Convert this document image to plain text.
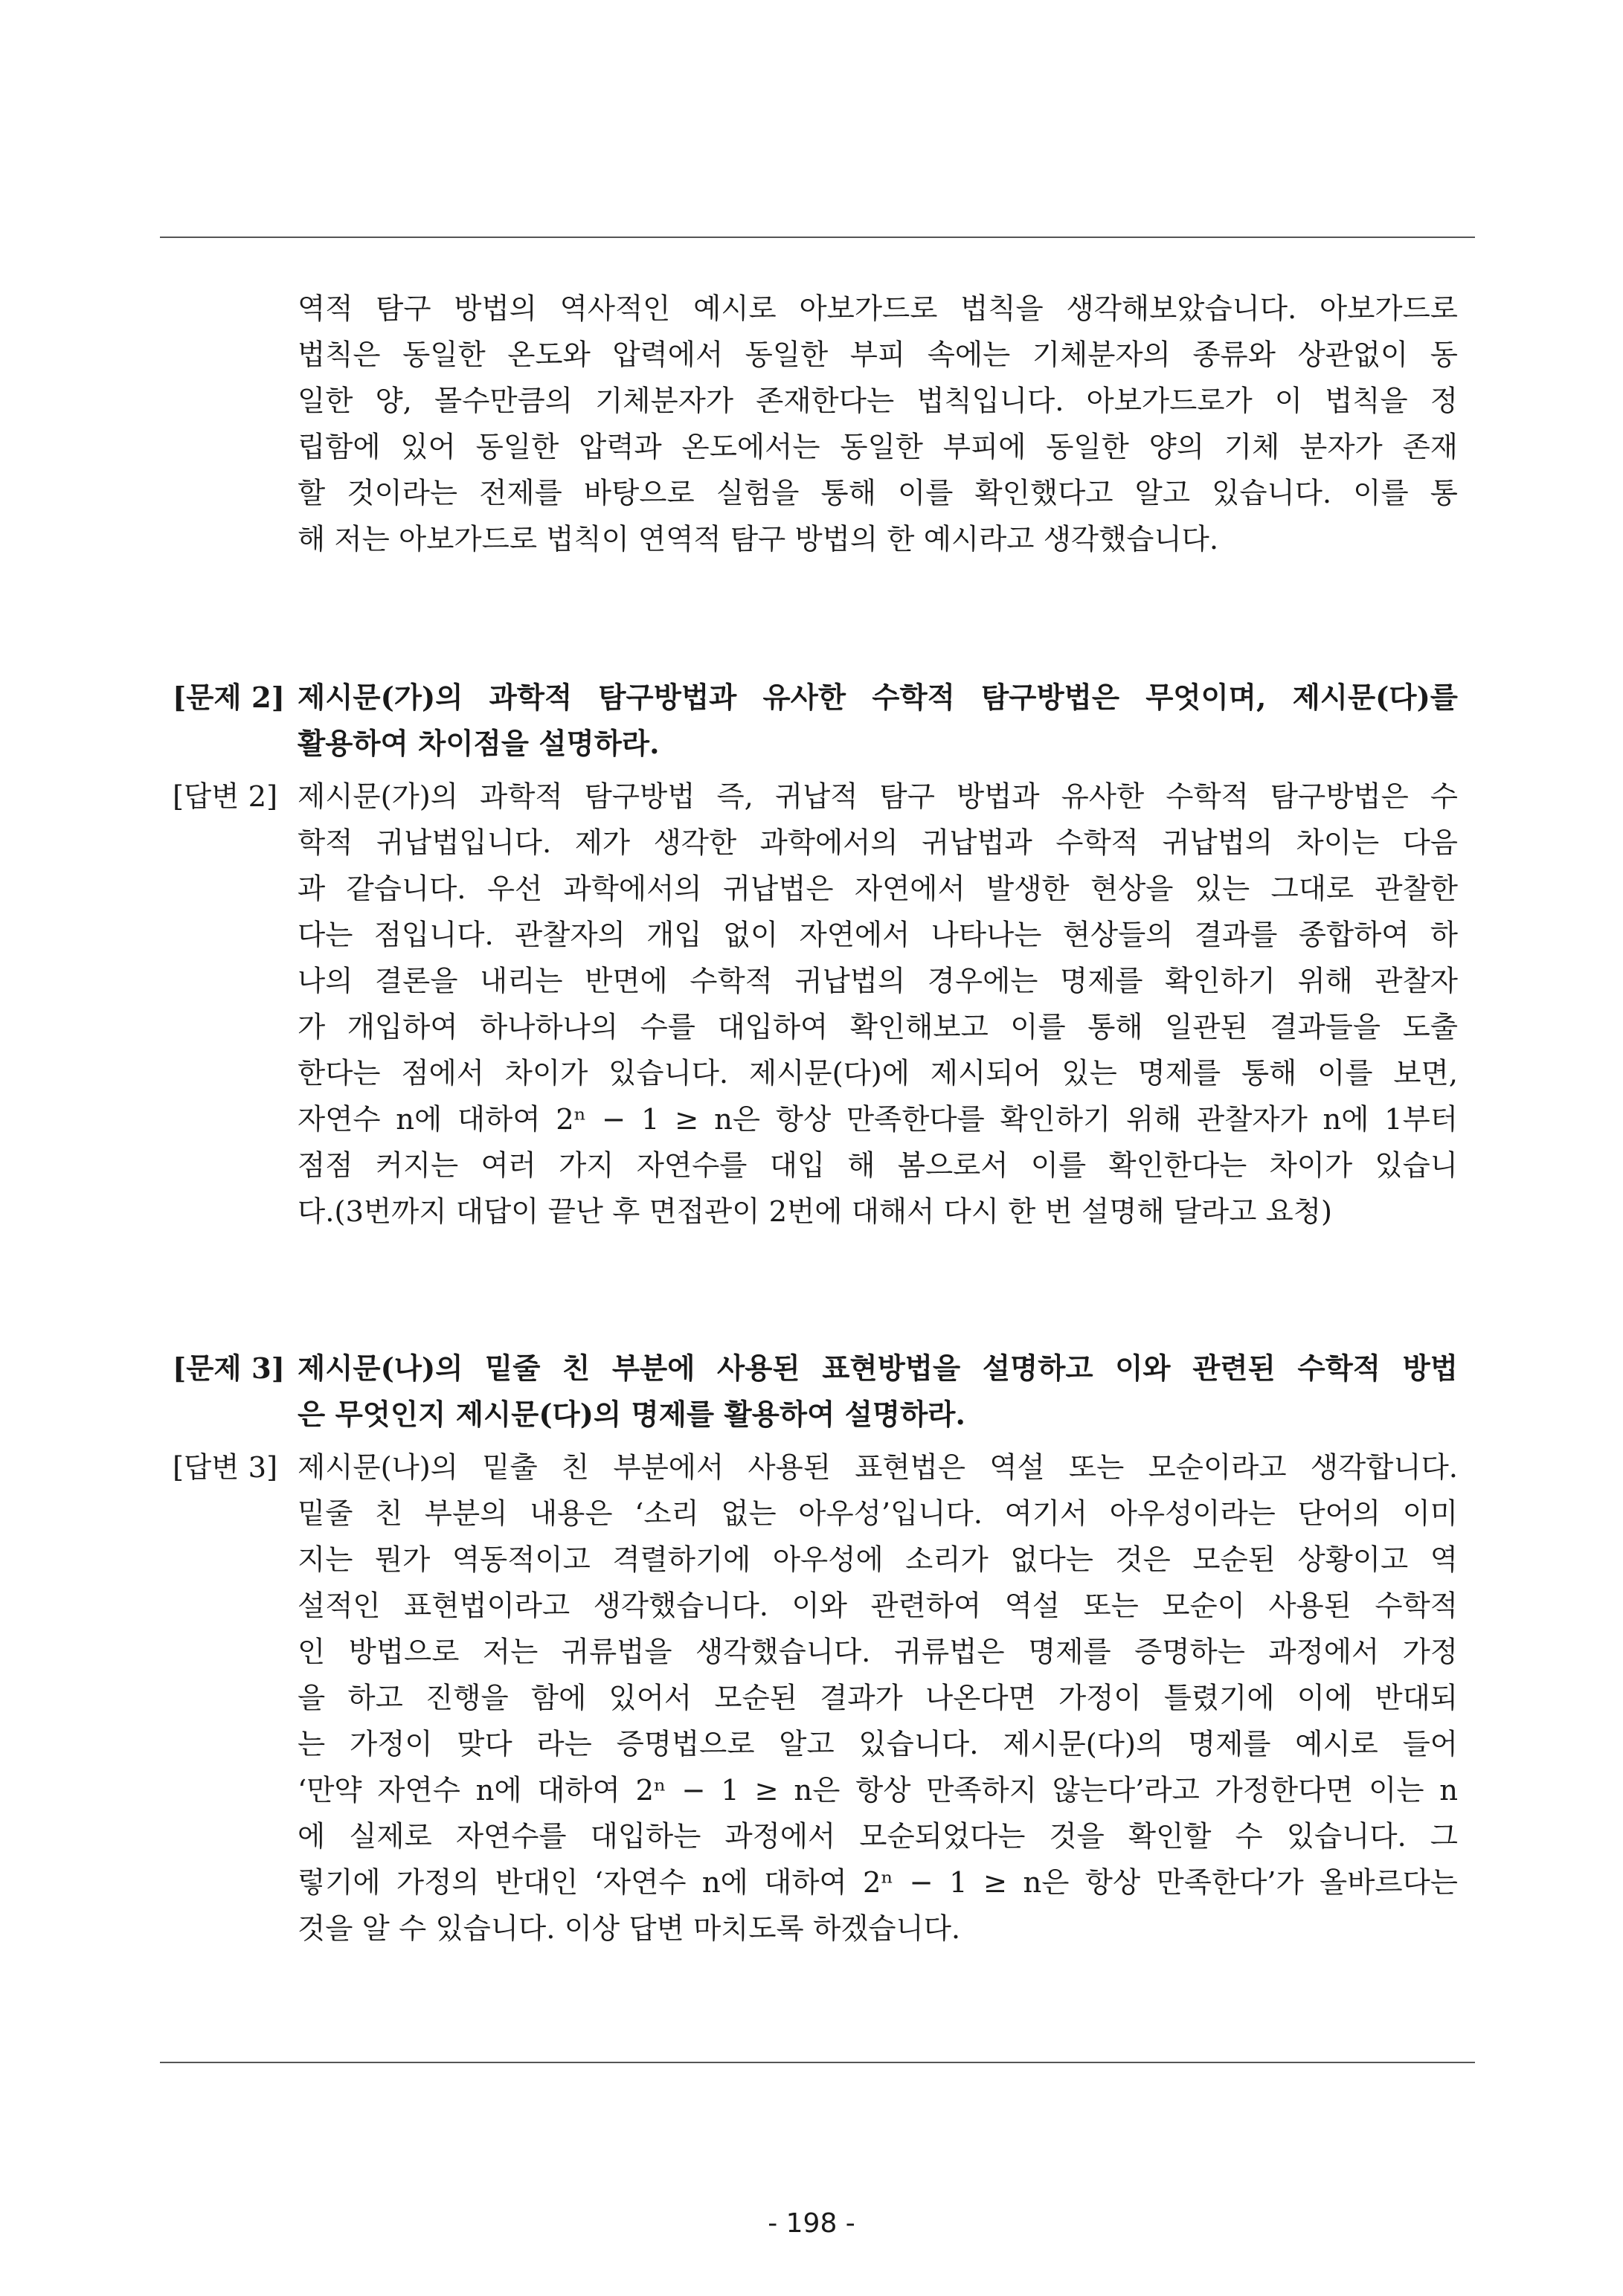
역적 탐구 방법의 역사적인 예시로 아보가드로 법칙을 생각해보았습니다. 아보가드로
법칙은 동일한 온도와 압력에서 동일한 부피 속에는 기체분자의 종류와 상관없이 동
일한 양, 몰수만큼의 기체분자가 존재한다는 법칙입니다. 아보가드로가 이 법칙을 정
립함에 있어 동일한 압력과 온도에서는 동일한 부피에 동일한 양의 기체 분자가 존재
할 것이라는 전제를 바탕으로 실험을 통해 이를 확인했다고 알고 있습니다. 이를 통
해 저는 아보가드로 법칙이 연역적 탐구 방법의 한 예시라고 생각했습니다.
[문제 2] 제시문(가)의 과학적 탐구방법과 유사한 수학적 탐구방법은 무엇이며, 제시문(다)를
활용하여 차이점을 설명하라.
[답변 2] 제시문(가)의 과학적 탐구방법 즉, 귀납적 탐구 방법과 유사한 수학적 탐구방법은 수
학적 귀납법입니다. 제가 생각한 과학에서의 귀납법과 수학적 귀납법의 차이는 다음
과 같습니다. 우선 과학에서의 귀납법은 자연에서 발생한 현상을 있는 그대로 관찰한
다는 점입니다. 관찰자의 개입 없이 자연에서 나타나는 현상들의 결과를 종합하여 하
나의 결론을 내리는 반면에 수학적 귀납법의 경우에는 명제를 확인하기 위해 관찰자
가 개입하여 하나하나의 수를 대입하여 확인해보고 이를 통해 일관된 결과들을 도출
한다는 점에서 차이가 있습니다. 제시문(다)에 제시되어 있는 명제를 통해 이를 보면,
자연수 n에 대하여 2ⁿ − 1 ≥ n은 항상 만족한다를 확인하기 위해 관찰자가 n에 1부터
점점 커지는 여러 가지 자연수를 대입 해 봄으로서 이를 확인한다는 차이가 있습니
다.(3번까지 대답이 끝난 후 면접관이 2번에 대해서 다시 한 번 설명해 달라고 요청)
[문제 3] 제시문(나)의 밑줄 친 부분에 사용된 표현방법을 설명하고 이와 관련된 수학적 방법
은 무엇인지 제시문(다)의 명제를 활용하여 설명하라.
[답변 3] 제시문(나)의 밑출 친 부분에서 사용된 표현법은 역설 또는 모순이라고 생각합니다.
밑줄 친 부분의 내용은 ‘소리 없는 아우성’입니다. 여기서 아우성이라는 단어의 이미
지는 뭔가 역동적이고 격렬하기에 아우성에 소리가 없다는 것은 모순된 상황이고 역
설적인 표현법이라고 생각했습니다. 이와 관련하여 역설 또는 모순이 사용된 수학적
인 방법으로 저는 귀류법을 생각했습니다. 귀류법은 명제를 증명하는 과정에서 가정
을 하고 진행을 함에 있어서 모순된 결과가 나온다면 가정이 틀렸기에 이에 반대되
는 가정이 맞다 라는 증명법으로 알고 있습니다. 제시문(다)의 명제를 예시로 들어
‘만약 자연수 n에 대하여 2ⁿ − 1 ≥ n은 항상 만족하지 않는다’라고 가정한다면 이는 n
에 실제로 자연수를 대입하는 과정에서 모순되었다는 것을 확인할 수 있습니다. 그
렇기에 가정의 반대인 ‘자연수 n에 대하여 2ⁿ − 1 ≥ n은 항상 만족한다’가 올바르다는
것을 알 수 있습니다. 이상 답변 마치도록 하겠습니다.
- 198 -
